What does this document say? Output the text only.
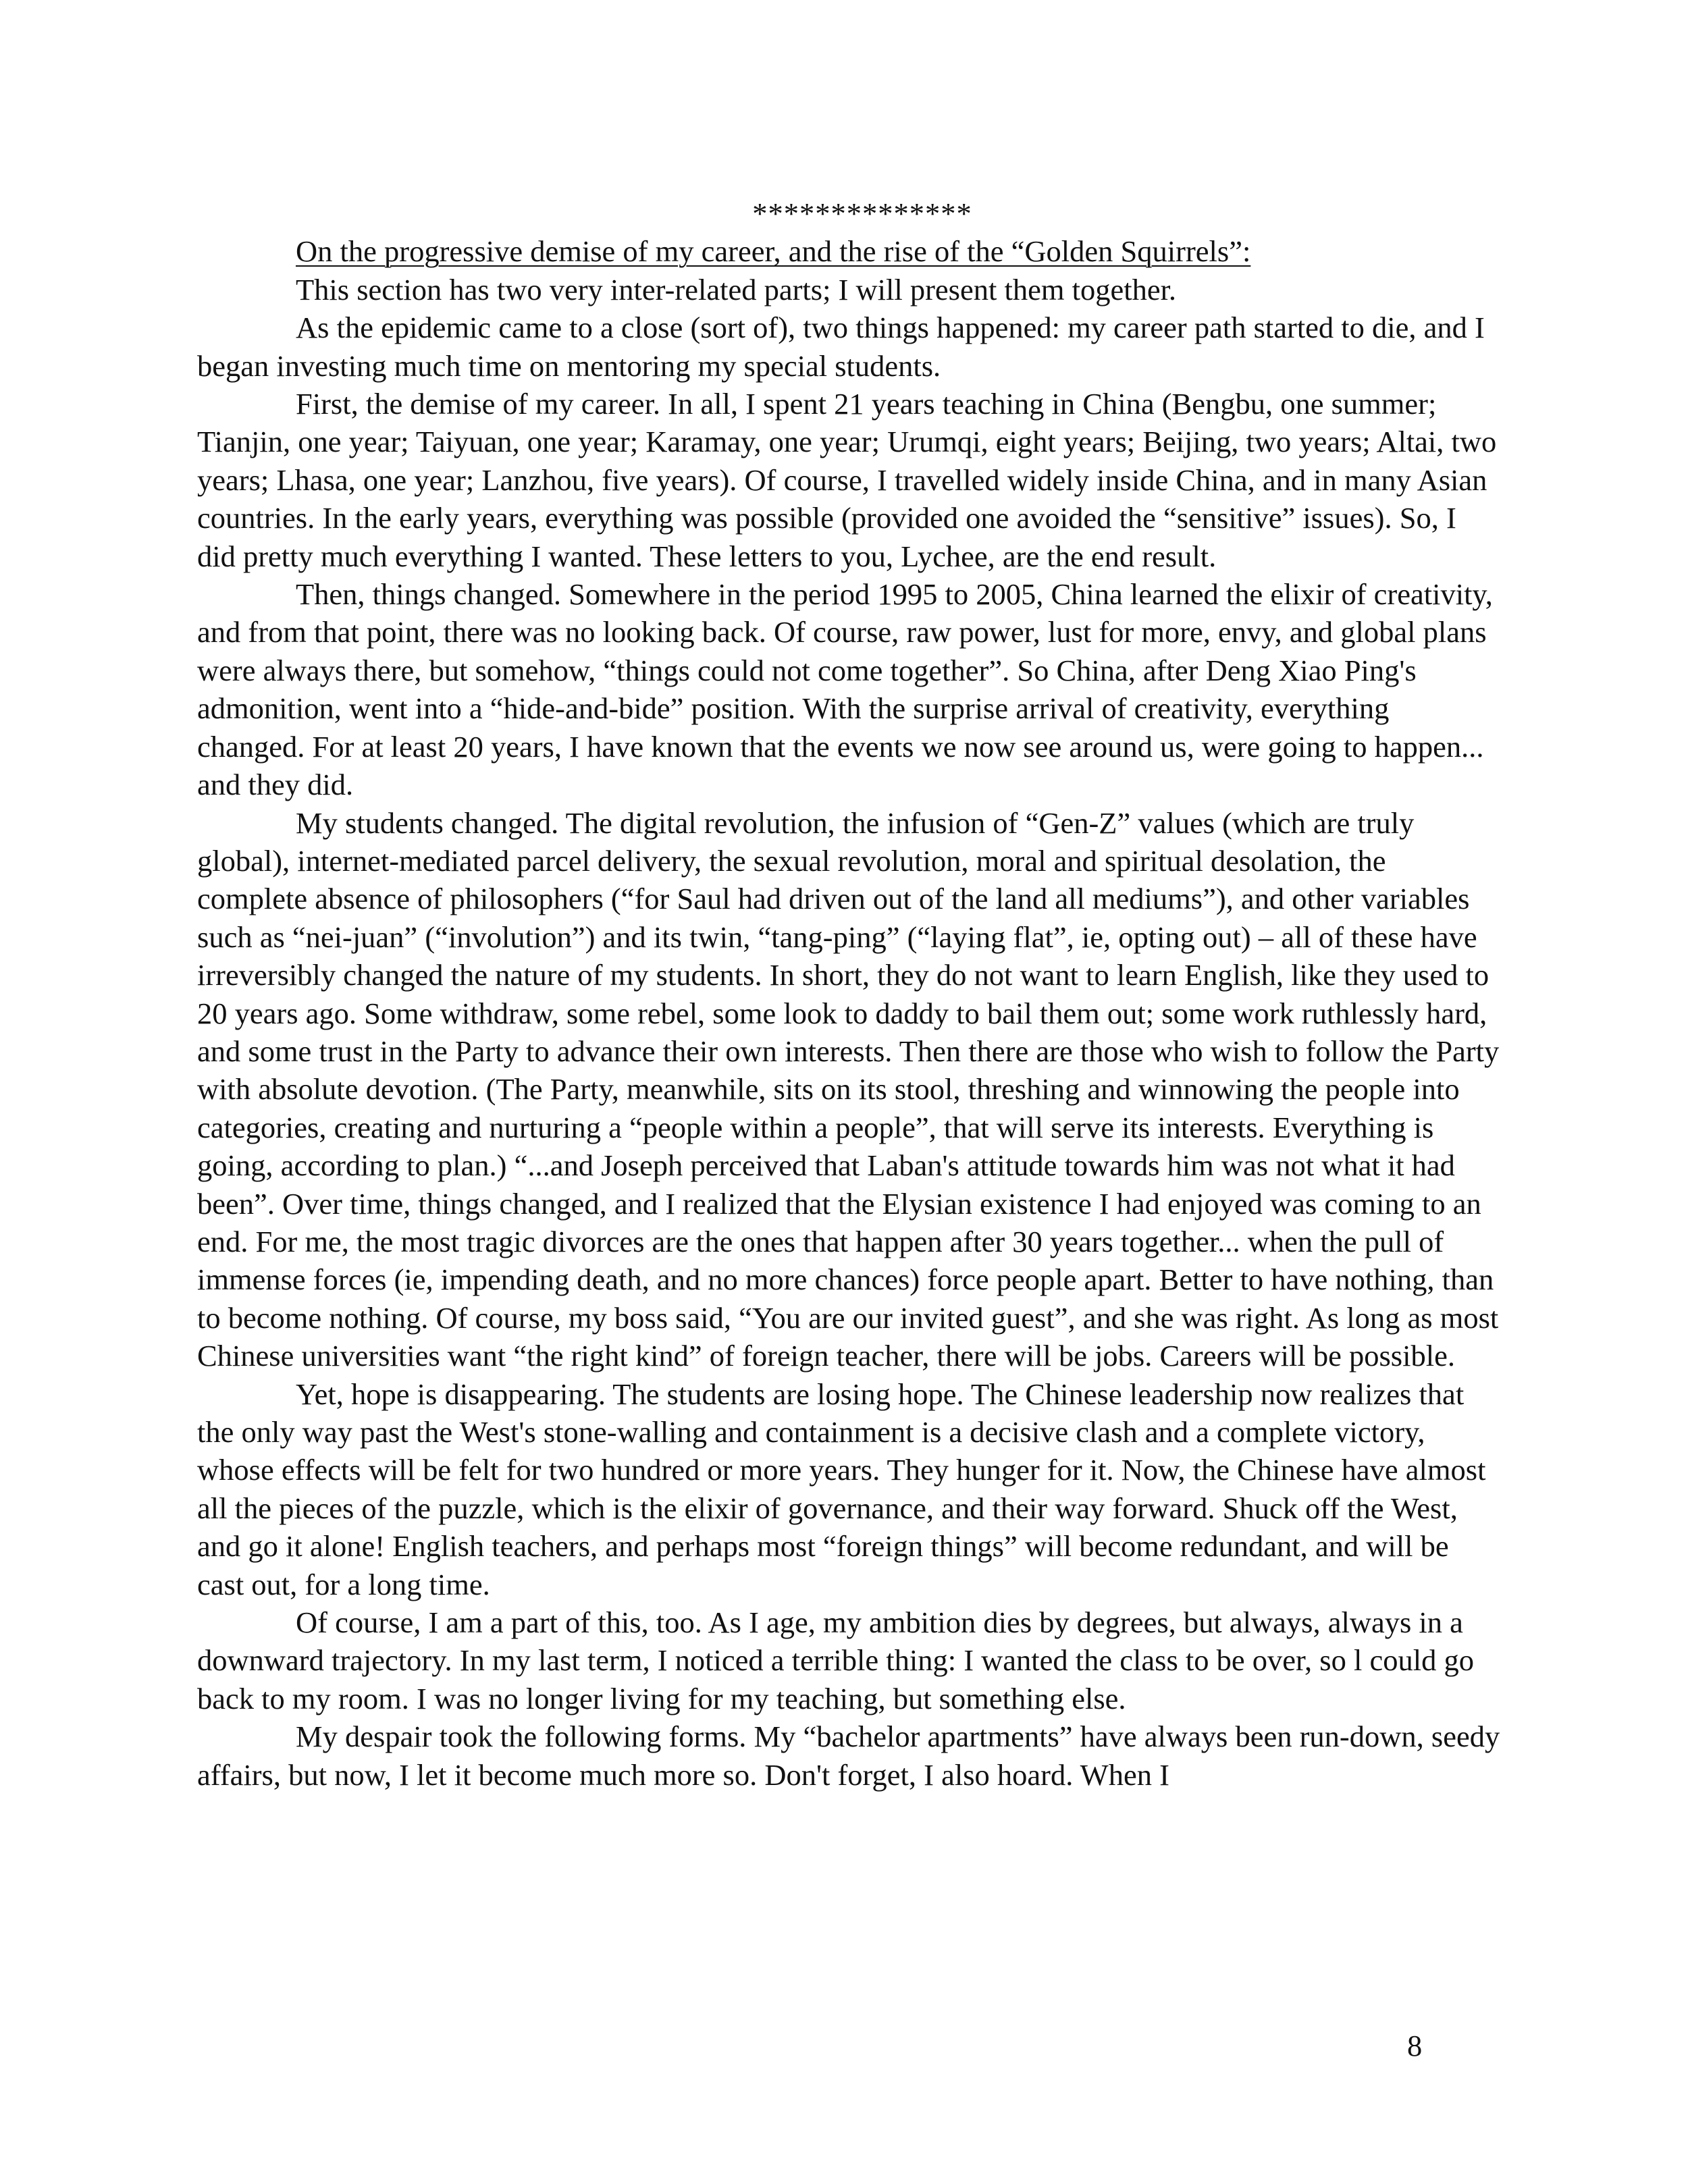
**************

On the progressive demise of my career, and the rise of the “Golden Squirrels”:

This section has two very inter-related parts; I will present them together.

As the epidemic came to a close (sort of), two things happened: my career path started to die, and I began investing much time on mentoring my special students.

First, the demise of my career. In all, I spent 21 years teaching in China (Bengbu, one summer; Tianjin, one year; Taiyuan, one year; Karamay, one year; Urumqi, eight years; Beijing, two years; Altai, two years; Lhasa, one year; Lanzhou, five years). Of course, I travelled widely inside China, and in many Asian countries. In the early years, everything was possible (provided one avoided the “sensitive” issues). So, I did pretty much everything I wanted. These letters to you, Lychee, are the end result.

Then, things changed. Somewhere in the period 1995 to 2005, China learned the elixir of creativity, and from that point, there was no looking back. Of course, raw power, lust for more, envy, and global plans were always there, but somehow, “things could not come together”. So China, after Deng Xiao Ping's admonition, went into a “hide-and-bide” position. With the surprise arrival of creativity, everything changed. For at least 20 years, I have known that the events we now see around us, were going to happen... and they did.

My students changed. The digital revolution, the infusion of “Gen-Z” values (which are truly global), internet-mediated parcel delivery, the sexual revolution, moral and spiritual desolation, the complete absence of philosophers (“for Saul had driven out of the land all mediums”), and other variables such as “nei-juan” (“involution”) and its twin, “tang-ping” (“laying flat”, ie, opting out) – all of these have irreversibly changed the nature of my students. In short, they do not want to learn English, like they used to 20 years ago. Some withdraw, some rebel, some look to daddy to bail them out; some work ruthlessly hard, and some trust in the Party to advance their own interests. Then there are those who wish to follow the Party with absolute devotion. (The Party, meanwhile, sits on its stool, threshing and winnowing the people into categories, creating and nurturing a “people within a people”, that will serve its interests. Everything is going, according to plan.) “...and Joseph perceived that Laban's attitude towards him was not what it had been”. Over time, things changed, and I realized that the Elysian existence I had enjoyed was coming to an end. For me, the most tragic divorces are the ones that happen after 30 years together... when the pull of immense forces (ie, impending death, and no more chances) force people apart. Better to have nothing, than to become nothing. Of course, my boss said, “You are our invited guest”, and she was right. As long as most Chinese universities want “the right kind” of foreign teacher, there will be jobs. Careers will be possible.

Yet, hope is disappearing. The students are losing hope. The Chinese leadership now realizes that the only way past the West's stone-walling and containment is a decisive clash and a complete victory, whose effects will be felt for two hundred or more years. They hunger for it. Now, the Chinese have almost all the pieces of the puzzle, which is the elixir of governance, and their way forward. Shuck off the West, and go it alone! English teachers, and perhaps most “foreign things” will become redundant, and will be cast out, for a long time.

Of course, I am a part of this, too. As I age, my ambition dies by degrees, but always, always in a downward trajectory. In my last term, I noticed a terrible thing: I wanted the class to be over, so l could go back to my room. I was no longer living for my teaching, but something else.

My despair took the following forms. My “bachelor apartments” have always been run-down, seedy affairs, but now, I let it become much more so. Don't forget, I also hoard. When I

8
